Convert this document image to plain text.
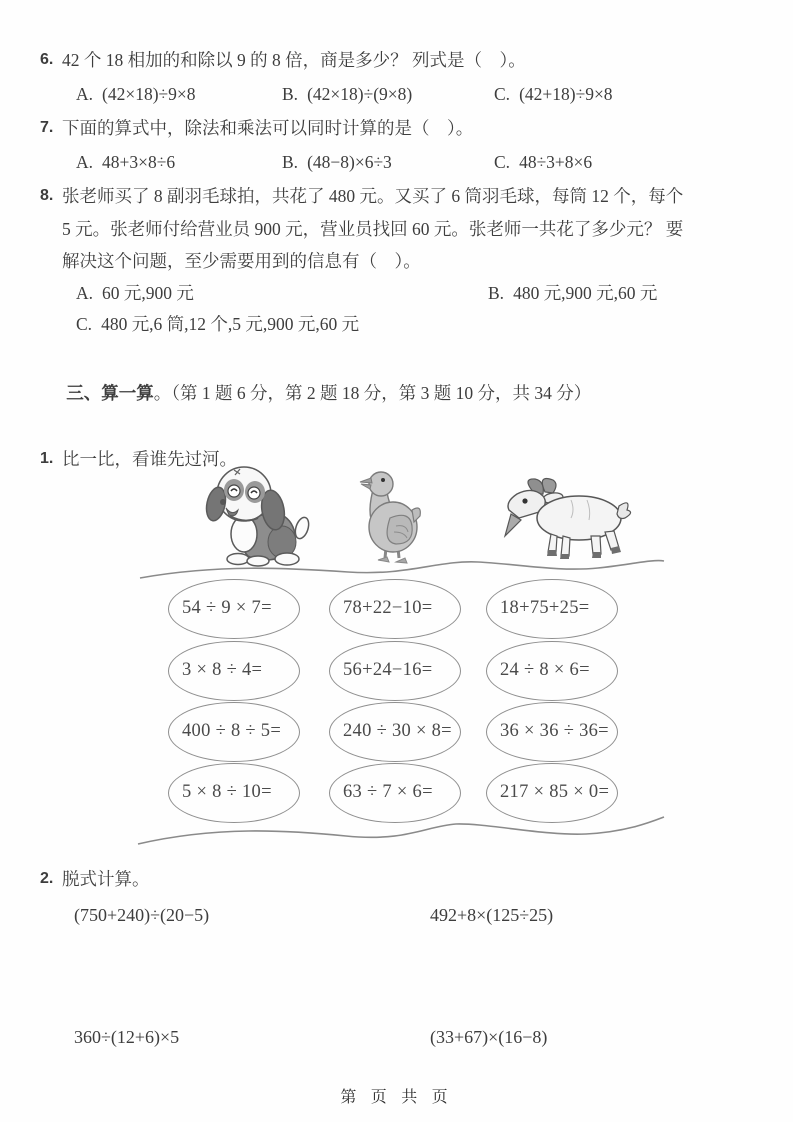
6. 42 个 18 相加的和除以 9 的 8 倍，商是多少？ 列式是（    ）。
A. (42×18)÷9×8	B. (42×18)÷(9×8)	C. (42+18)÷9×8
7. 下面的算式中，除法和乘法可以同时计算的是（    ）。
A. 48+3×8÷6	B. (48−8)×6÷3	C. 48÷3+8×6
8. 张老师买了 8 副羽毛球拍，共花了 480 元。又买了 6 筒羽毛球，每筒 12 个，每个
5 元。张老师付给营业员 900 元，营业员找回 60 元。张老师一共花了多少元？ 要
解决这个问题，至少需要用到的信息有（    ）。
A. 60 元,900 元	B. 480 元,900 元,60 元
C. 480 元,6 筒,12 个,5 元,900 元,60 元

三、算一算。（第 1 题 6 分，第 2 题 18 分，第 3 题 10 分，共 34 分）

1. 比一比，看谁先过河。
54 ÷ 9 × 7=	78+22−10=	18+75+25=
3 × 8 ÷ 4=	56+24−16=	24 ÷ 8 × 6=
400 ÷ 8 ÷ 5=	240 ÷ 30 × 8=	36 × 36 ÷ 36=
5 × 8 ÷ 10=	63 ÷ 7 × 6=	217 × 85 × 0=
2. 脱式计算。
(750+240)÷(20−5)	492+8×(125÷25)
360÷(12+6)×5	(33+67)×(16−8)
第 页 共 页
